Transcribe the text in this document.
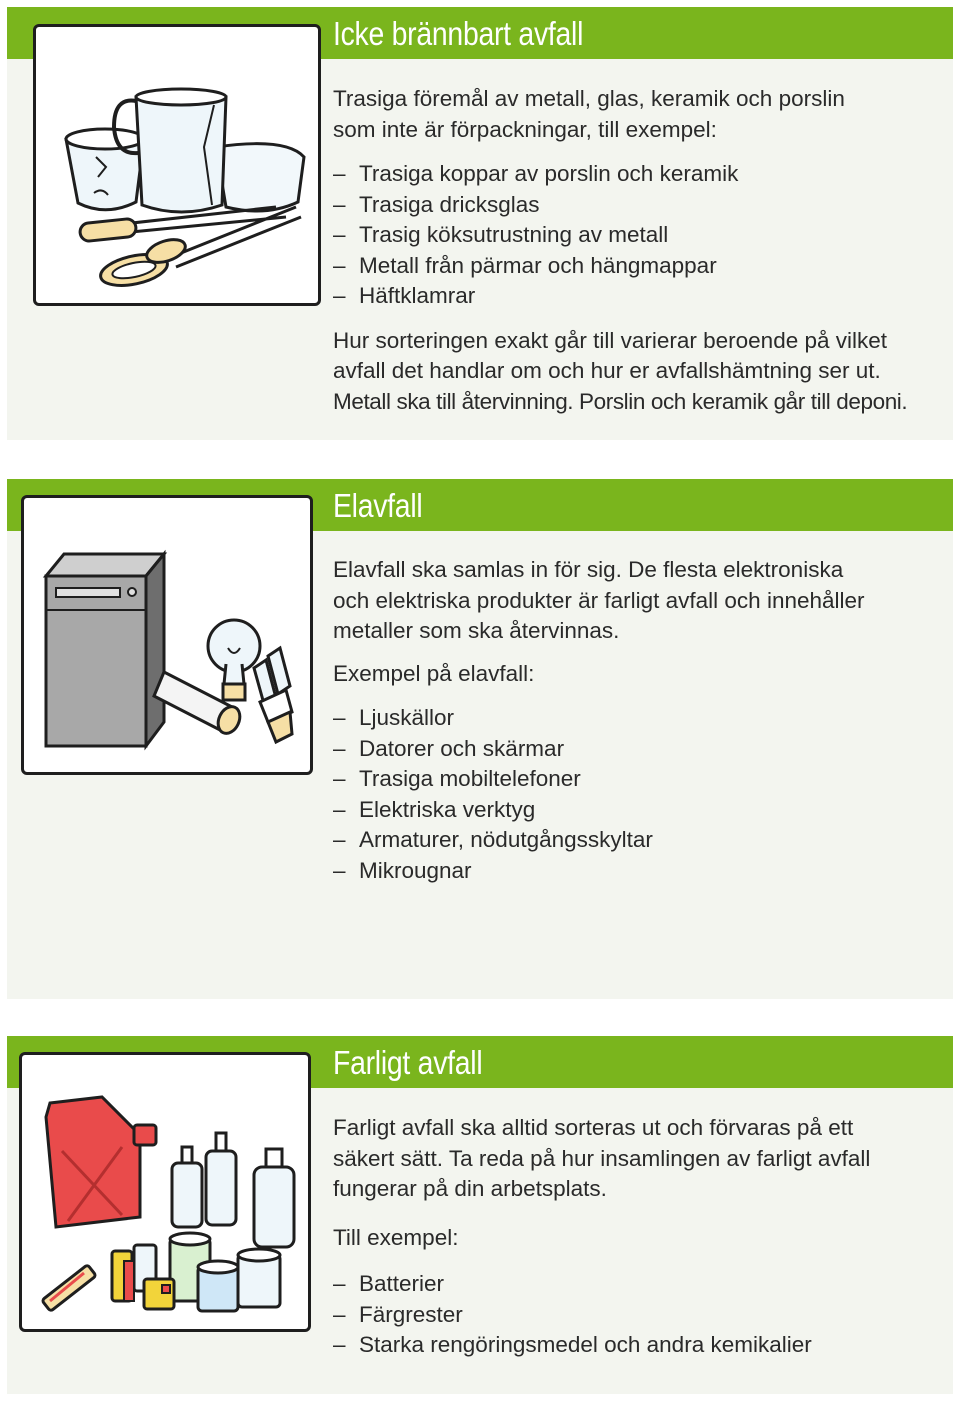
Icke brännbart avfall

Trasiga föremål av metall, glas, keramik och porslin
som inte är förpackningar, till exempel:

– Trasiga koppar av porslin och keramik
– Trasiga dricksglas
– Trasig köksutrustning av metall
– Metall från pärmar och hängmappar
– Häftklamrar

Hur sorteringen exakt går till varierar beroende på vilket
avfall det handlar om och hur er avfallshämtning ser ut.
Metall ska till återvinning. Porslin och keramik går till deponi.

Elavfall

Elavfall ska samlas in för sig. De flesta elektroniska
och elektriska produkter är farligt avfall och innehåller
metaller som ska återvinnas.

Exempel på elavfall:

– Ljuskällor
– Datorer och skärmar
– Trasiga mobiltelefoner
– Elektriska verktyg
– Armaturer, nödutgångsskyltar
– Mikrougnar
Farligt avfall

Farligt avfall ska alltid sorteras ut och förvaras på ett
säkert sätt. Ta reda på hur insamlingen av farligt avfall
fungerar på din arbetsplats.

Till exempel:

– Batterier
– Färgrester
– Starka rengöringsmedel och andra kemikalier
